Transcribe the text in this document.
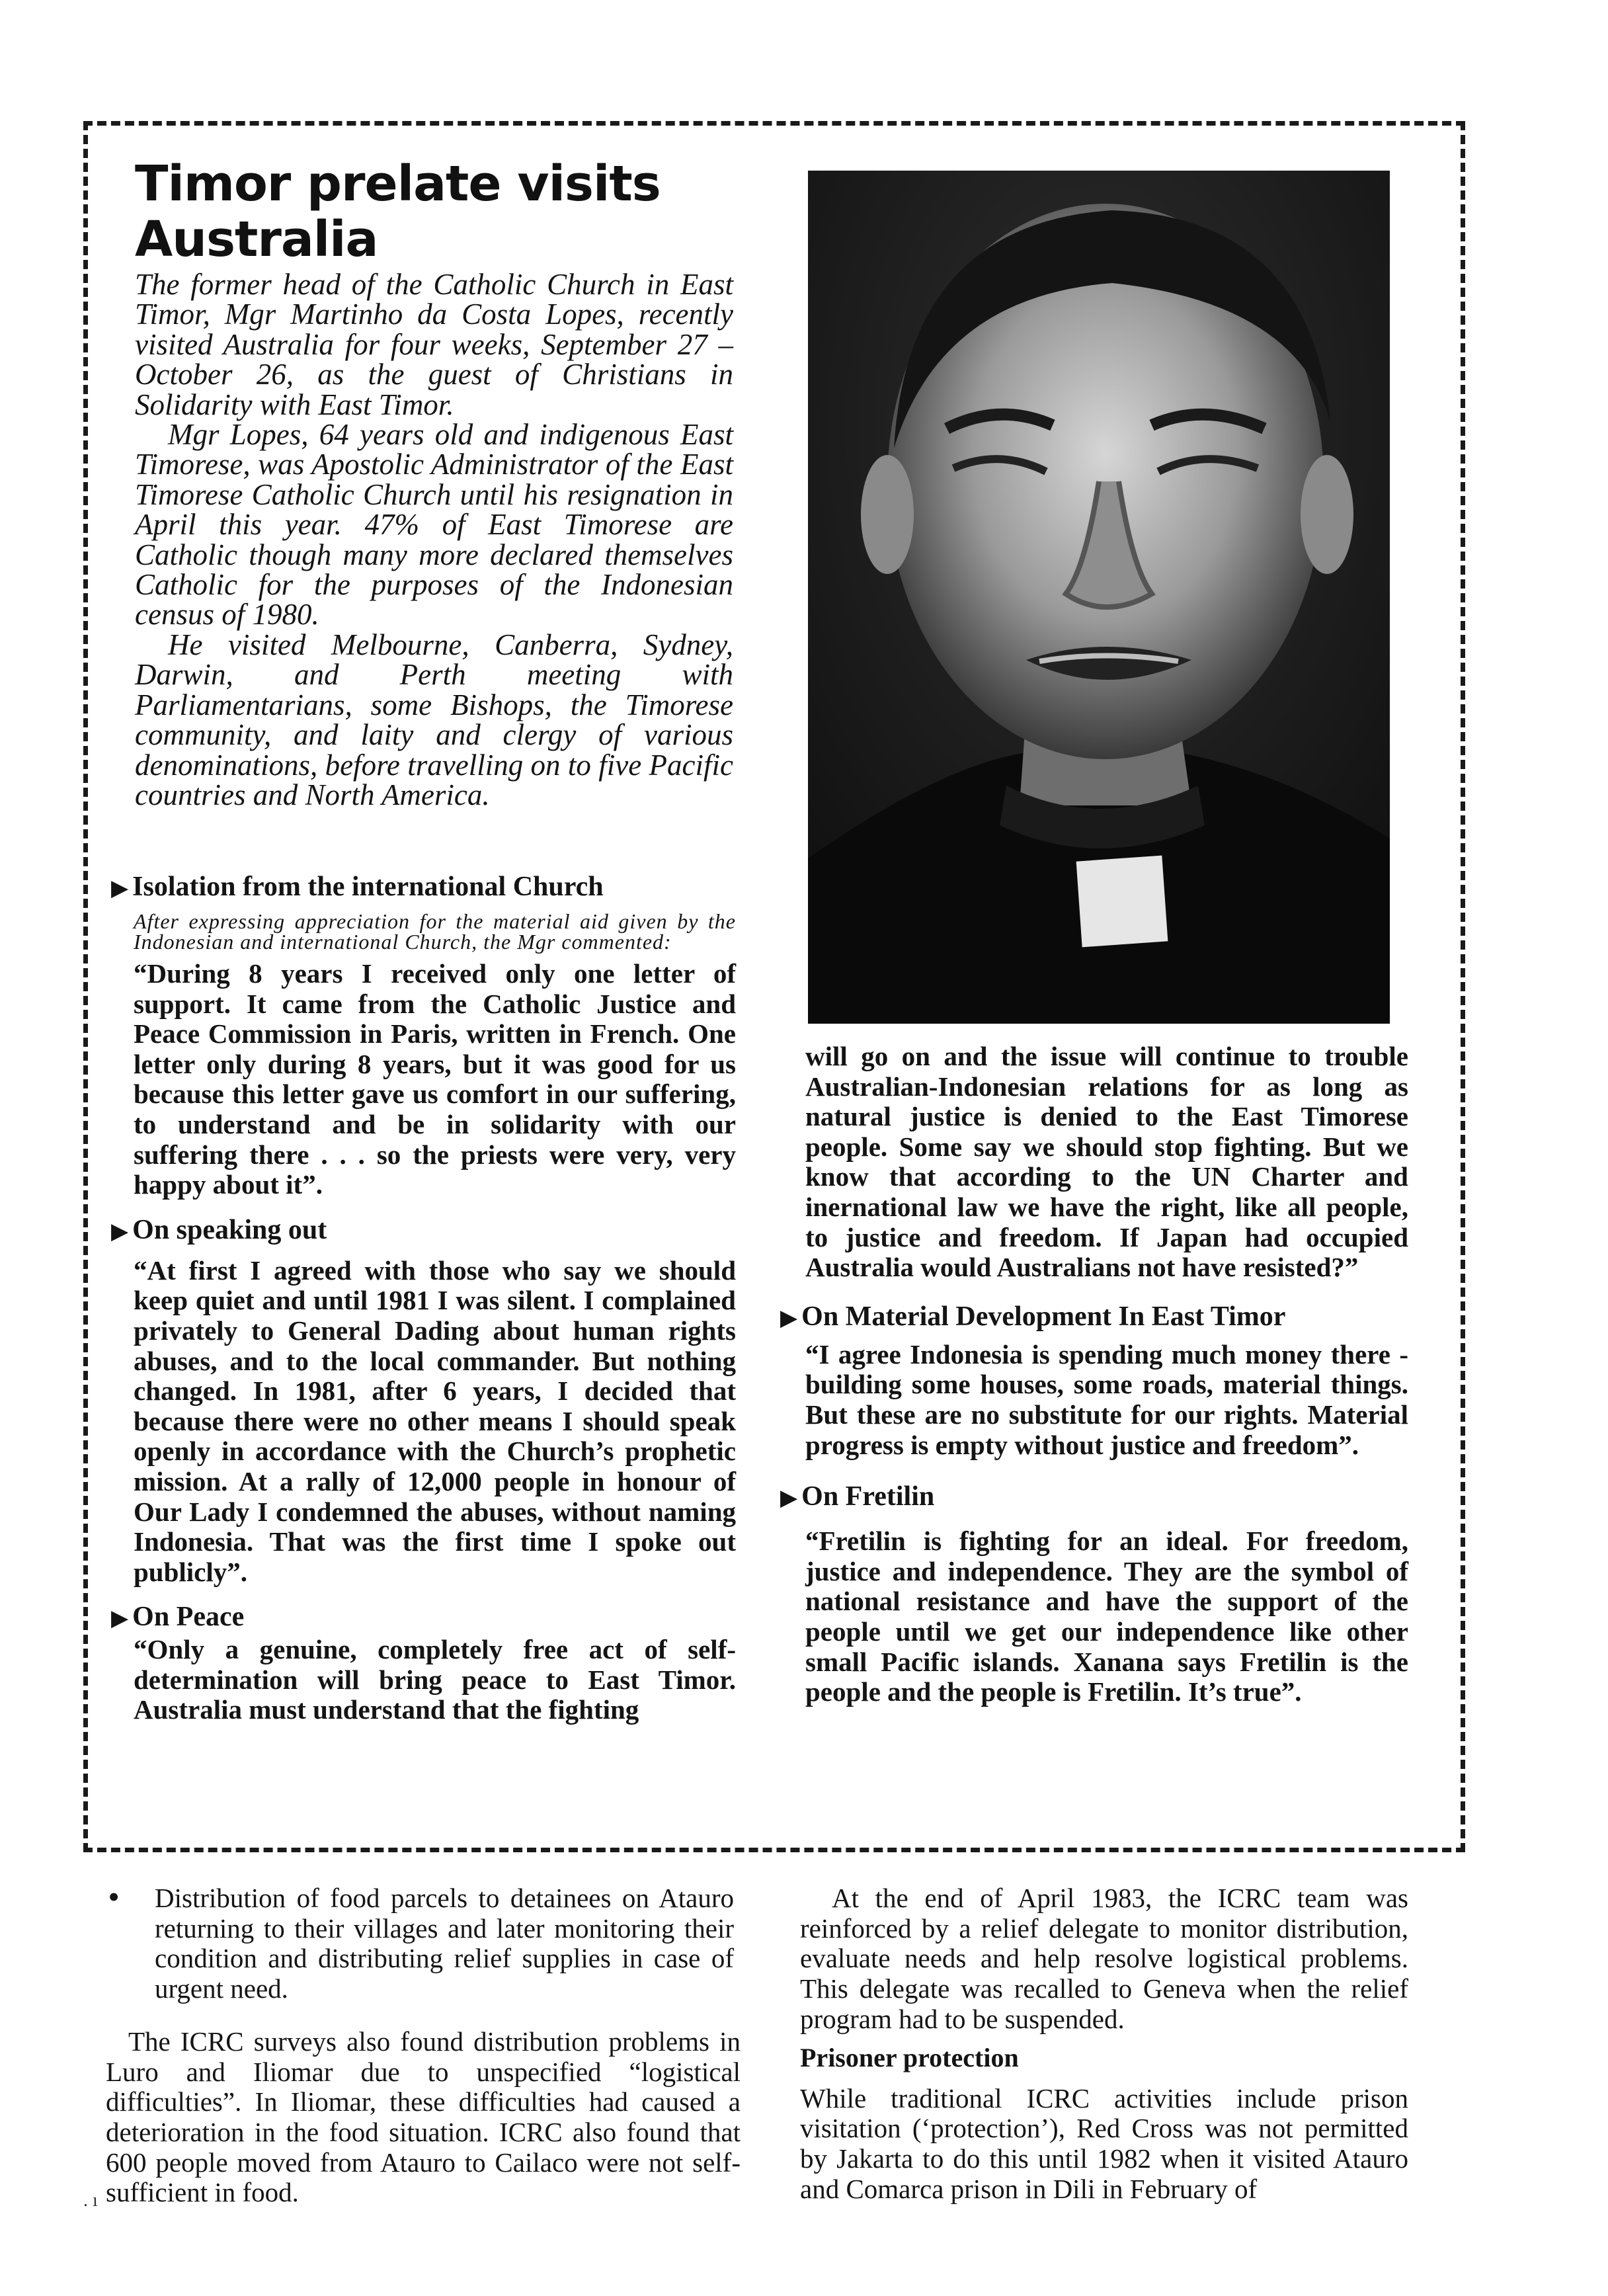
Timor prelate visits
Australia

The former head of the Catholic Church in East Timor, Mgr Martinho da Costa Lopes, recently visited Australia for four weeks, September 27 – October 26, as the guest of Christians in Solidarity with East Timor.

Mgr Lopes, 64 years old and indigenous East Timorese, was Apostolic Administrator of the East Timorese Catholic Church until his resignation in April this year. 47% of East Timorese are Catholic though many more declared themselves Catholic for the purposes of the Indonesian census of 1980.

He visited Melbourne, Canberra, Sydney, Darwin, and Perth meeting with Parliamentarians, some Bishops, the Timorese community, and laity and clergy of various denominations, before travelling on to five Pacific countries and North America.

▶ Isolation from the international Church
After expressing appreciation for the material aid given by the Indonesian and international Church, the Mgr commented:
“During 8 years I received only one letter of support. It came from the Catholic Justice and Peace Commission in Paris, written in French. One letter only during 8 years, but it was good for us because this letter gave us comfort in our suffering, to understand and be in solidarity with our suffering there . . . so the priests were very, very happy about it”.
▶ On speaking out
“At first I agreed with those who say we should keep quiet and until 1981 I was silent. I complained privately to General Dading about human rights abuses, and to the local commander. But nothing changed. In 1981, after 6 years, I decided that because there were no other means I should speak openly in accordance with the Church’s prophetic mission. At a rally of 12,000 people in honour of Our Lady I condemned the abuses, without naming Indonesia. That was the first time I spoke out publicly”.
▶ On Peace
“Only a genuine, completely free act of self-determination will bring peace to East Timor. Australia must understand that the fighting
will go on and the issue will continue to trouble Australian-Indonesian relations for as long as natural justice is denied to the East Timorese people. Some say we should stop fighting. But we know that according to the UN Charter and inernational law we have the right, like all people, to justice and freedom. If Japan had occupied Australia would Australians not have resisted?”
▶ On Material Development In East Timor
“I agree Indonesia is spending much money there - building some houses, some roads, material things. But these are no substitute for our rights. Material progress is empty without justice and freedom”.
▶ On Fretilin
“Fretilin is fighting for an ideal. For freedom, justice and independence. They are the symbol of national resistance and have the support of the people until we get our independence like other small Pacific islands. Xanana says Fretilin is the people and the people is Fretilin. It’s true”.
• Distribution of food parcels to detainees on Atauro returning to their villages and later monitoring their condition and distributing relief supplies in case of urgent need.

The ICRC surveys also found distribution problems in Luro and Iliomar due to unspecified “logistical difficulties”. In Iliomar, these difficulties had caused a deterioration in the food situation. ICRC also found that 600 people moved from Atauro to Cailaco were not self-sufficient in food.

At the end of April 1983, the ICRC team was reinforced by a relief delegate to monitor distribution, evaluate needs and help resolve logistical problems. This delegate was recalled to Geneva when the relief program had to be suspended.

Prisoner protection

While traditional ICRC activities include prison visitation (‘protection’), Red Cross was not permitted by Jakarta to do this until 1982 when it visited Atauro and Comarca prison in Dili in February of

. ı
